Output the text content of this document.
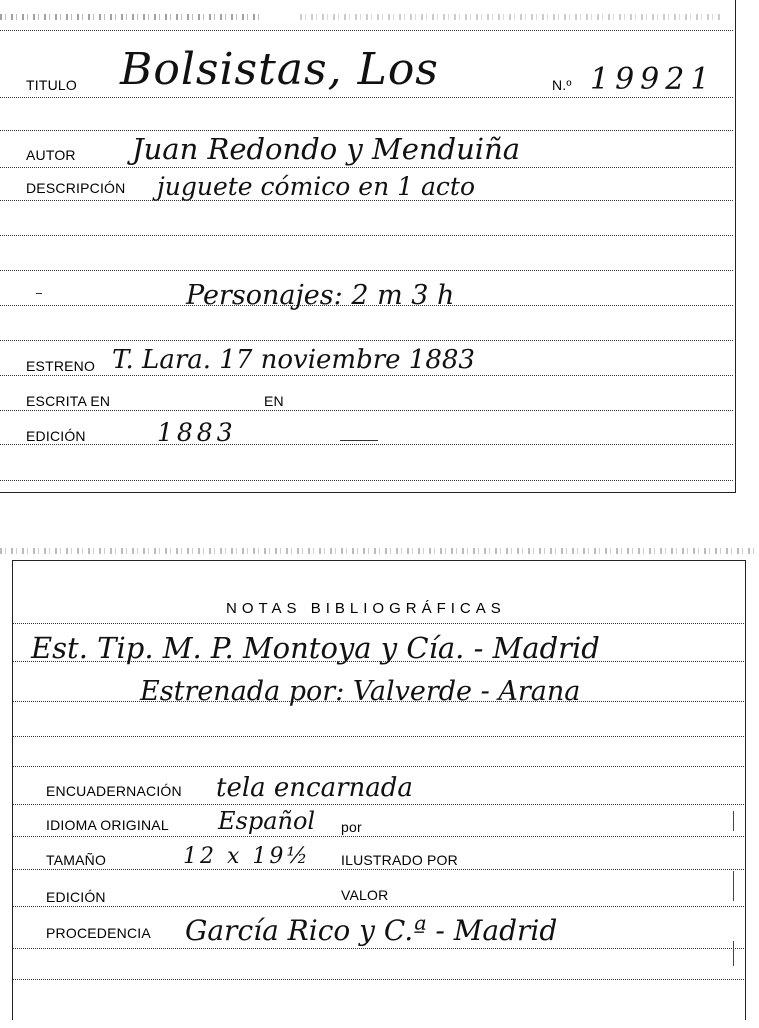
TITULO Bolsistas, Los	N.º 19921
AUTOR Juan Redondo y Menduiña
DESCRIPCIÓN juguete cómico en 1 acto
Personajes: 2 m 3 h
ESTRENO T. Lara. 17 noviembre 1883
ESCRITA EN	EN
EDICIÓN	1883
NOTAS BIBLIOGRÁFICAS
Est. Tip. M. P. Montoya y Cía. - Madrid
Estrenada por: Valverde - Arana
ENCUADERNACIÓN tela encarnada
IDIOMA ORIGINAL Español por
TAMAÑO	12 x 19½ ILUSTRADO POR
EDICIÓN	VALOR
PROCEDENCIA García Rico y C.ª - Madrid
